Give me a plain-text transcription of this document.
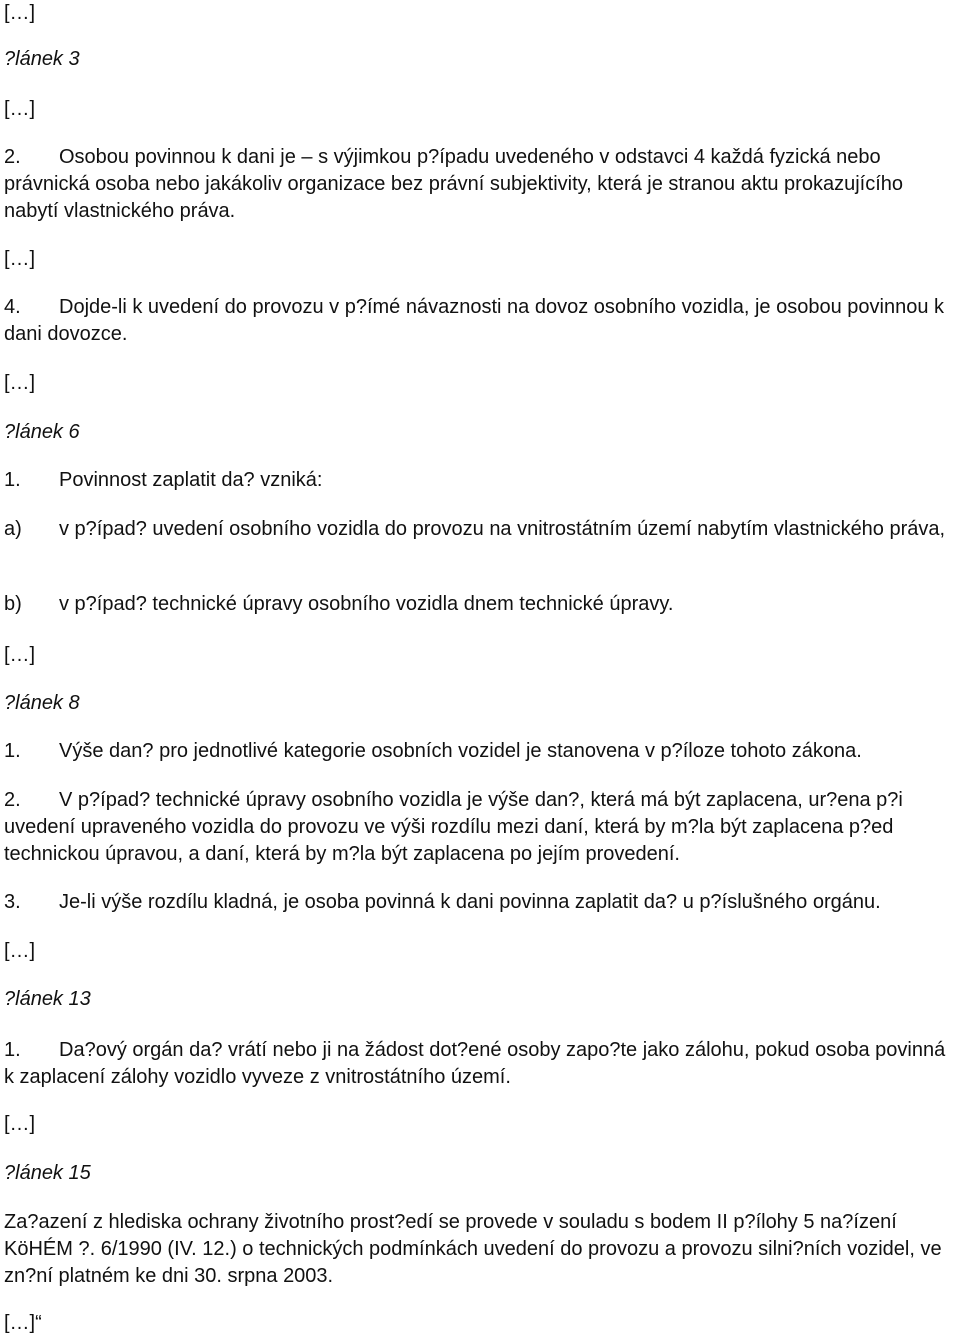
[…]
?lánek 3
[…]
2. Osobou povinnou k dani je – s výjimkou p?ípadu uvedeného v odstavci 4 každá fyzická nebo právnická osoba nebo jakákoliv organizace bez právní subjektivity, která je stranou aktu prokazujícího nabytí vlastnického práva.
[…]
4. Dojde-li k uvedení do provozu v p?ímé návaznosti na dovoz osobního vozidla, je osobou povinnou k dani dovozce.
[…]
?lánek 6
1. Povinnost zaplatit da? vzniká:
a) v p?ípad? uvedení osobního vozidla do provozu na vnitrostátním území nabytím vlastnického práva,
b) v p?ípad? technické úpravy osobního vozidla dnem technické úpravy.
[…]
?lánek 8
1. Výše dan? pro jednotlivé kategorie osobních vozidel je stanovena v p?íloze tohoto zákona.
2. V p?ípad? technické úpravy osobního vozidla je výše dan?, která má být zaplacena, ur?ena p?i uvedení upraveného vozidla do provozu ve výši rozdílu mezi daní, která by m?la být zaplacena p?ed technickou úpravou, a daní, která by m?la být zaplacena po jejím provedení.
3. Je-li výše rozdílu kladná, je osoba povinná k dani povinna zaplatit da? u p?íslušného orgánu.
[…]
?lánek 13
1. Da?ový orgán da? vrátí nebo ji na žádost dot?ené osoby zapo?te jako zálohu, pokud osoba povinná k zaplacení zálohy vozidlo vyveze z vnitrostátního území.
[…]
?lánek 15
Za?azení z hlediska ochrany životního prost?edí se provede v souladu s bodem II p?ílohy 5 na?ízení KöHÉM ?. 6/1990 (IV. 12.) o technických podmínkách uvedení do provozu a provozu silni?ních vozidel, ve zn?ní platném ke dni 30. srpna 2003.
[…]“
